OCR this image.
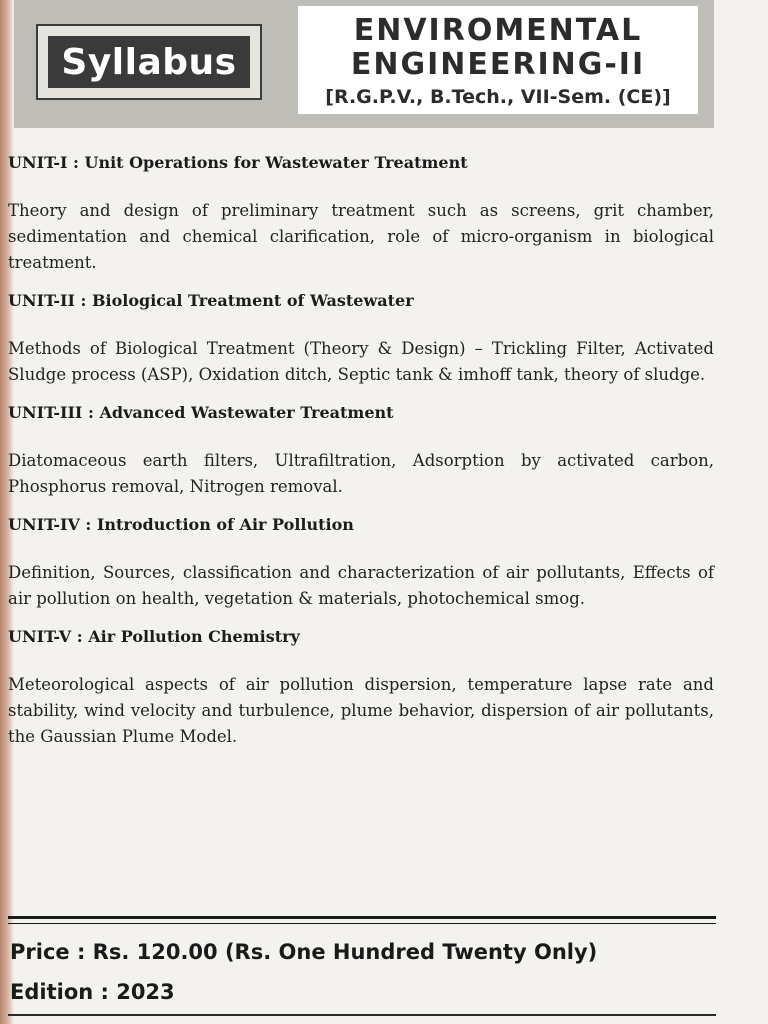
Syllabus
ENVIROMENTAL
ENGINEERING-II
[R.G.P.V., B.Tech., VII-Sem. (CE)]

UNIT-I : Unit Operations for Wastewater Treatment

Theory and design of preliminary treatment such as screens, grit chamber, sedimentation and chemical clarification, role of micro-organism in biological treatment.

UNIT-II : Biological Treatment of Wastewater

Methods of Biological Treatment (Theory & Design) – Trickling Filter, Activated Sludge process (ASP), Oxidation ditch, Septic tank & imhoff tank, theory of sludge.

UNIT-III : Advanced Wastewater Treatment

Diatomaceous earth filters, Ultrafiltration, Adsorption by activated carbon, Phosphorus removal, Nitrogen removal.

UNIT-IV : Introduction of Air Pollution

Definition, Sources, classification and characterization of air pollutants, Effects of air pollution on health, vegetation & materials, photochemical smog.

UNIT-V : Air Pollution Chemistry

Meteorological aspects of air pollution dispersion, temperature lapse rate and stability, wind velocity and turbulence, plume behavior, dispersion of air pollutants, the Gaussian Plume Model.

Price : Rs. 120.00 (Rs. One Hundred Twenty Only)
Edition : 2023
